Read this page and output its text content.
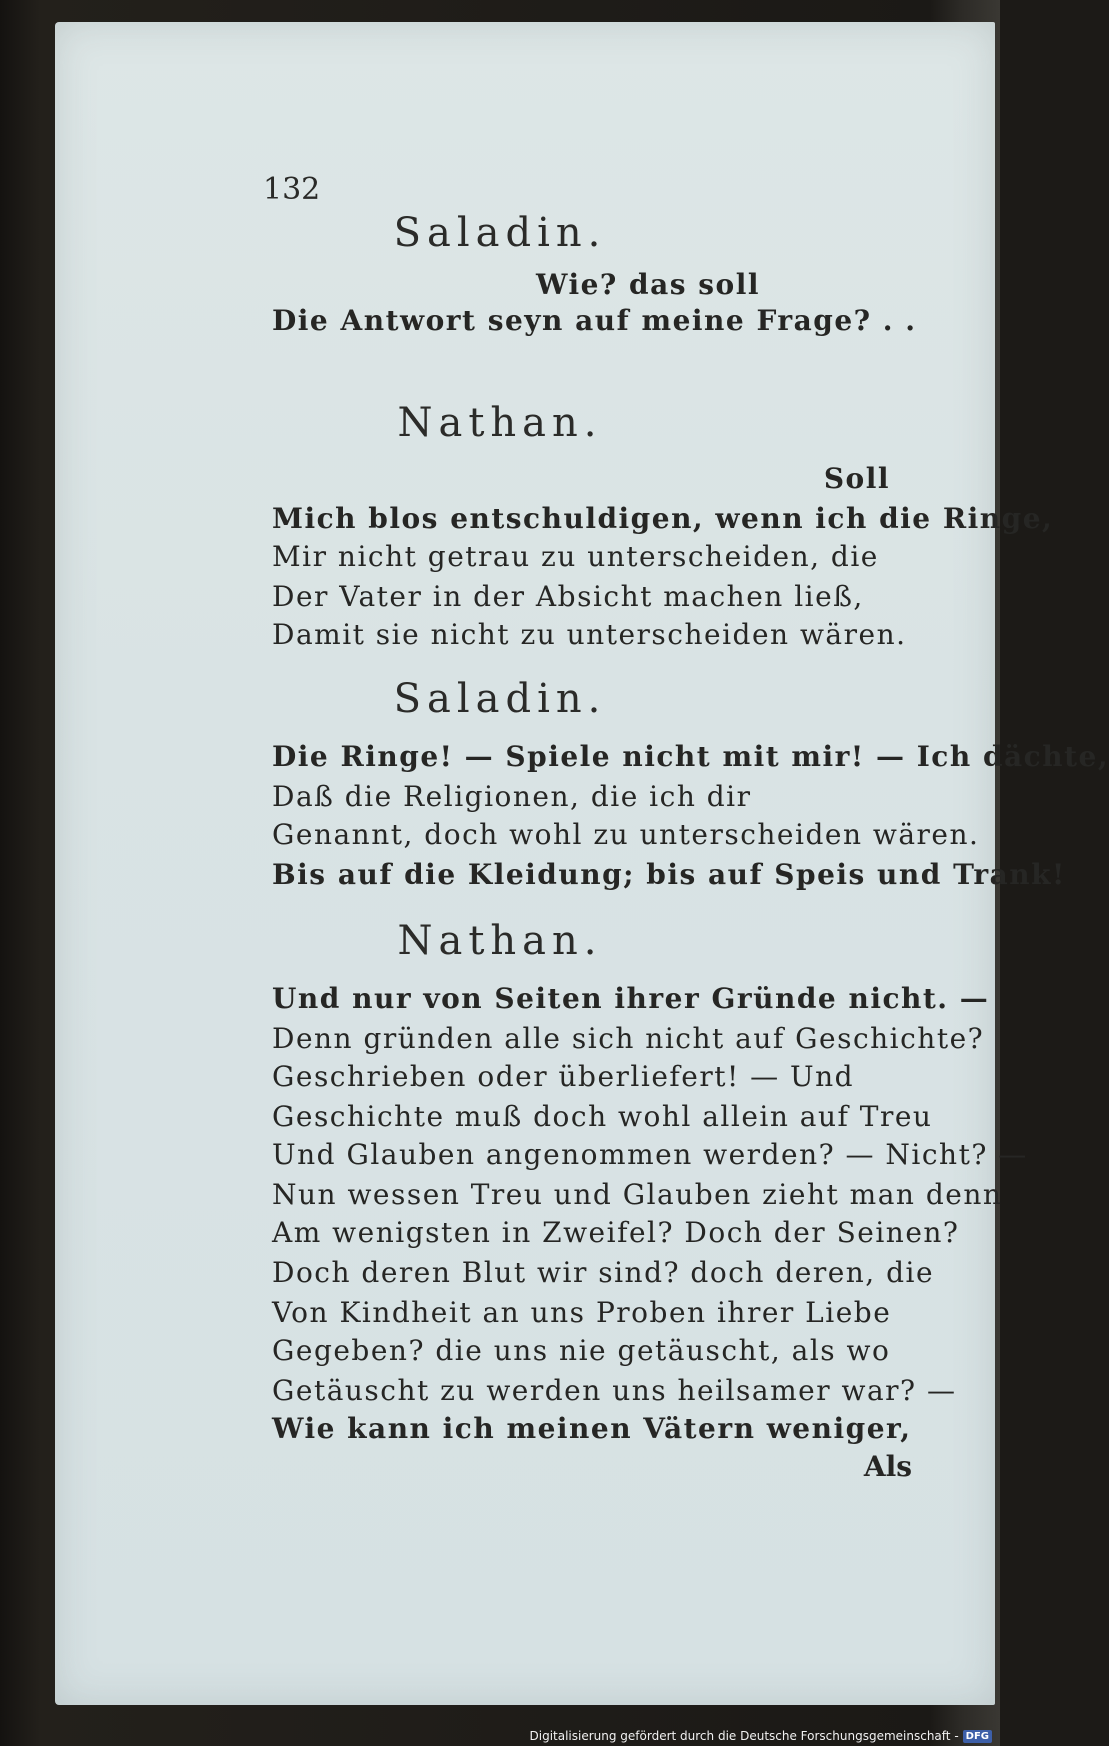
132
Saladin.
Wie? das soll
Die Antwort seyn auf meine Frage? . .
Nathan.
Soll
Mich blos entschuldigen, wenn ich die Ringe,
Mir nicht getrau zu unterscheiden, die
Der Vater in der Absicht machen ließ,
Damit sie nicht zu unterscheiden wären.
Saladin.
Die Ringe! — Spiele nicht mit mir! — Ich dächte,
Daß die Religionen, die ich dir
Genannt, doch wohl zu unterscheiden wären.
Bis auf die Kleidung; bis auf Speis und Trank!
Nathan.
Und nur von Seiten ihrer Gründe nicht. —
Denn gründen alle sich nicht auf Geschichte?
Geschrieben oder überliefert! — Und
Geschichte muß doch wohl allein auf Treu
Und Glauben angenommen werden? — Nicht? —
Nun wessen Treu und Glauben zieht man denn
Am wenigsten in Zweifel? Doch der Seinen?
Doch deren Blut wir sind? doch deren, die
Von Kindheit an uns Proben ihrer Liebe
Gegeben? die uns nie getäuscht, als wo
Getäuscht zu werden uns heilsamer war? —
Wie kann ich meinen Vätern weniger,
Als
Digitalisierung gefördert durch die Deutsche Forschungsgemeinschaft - DFG
